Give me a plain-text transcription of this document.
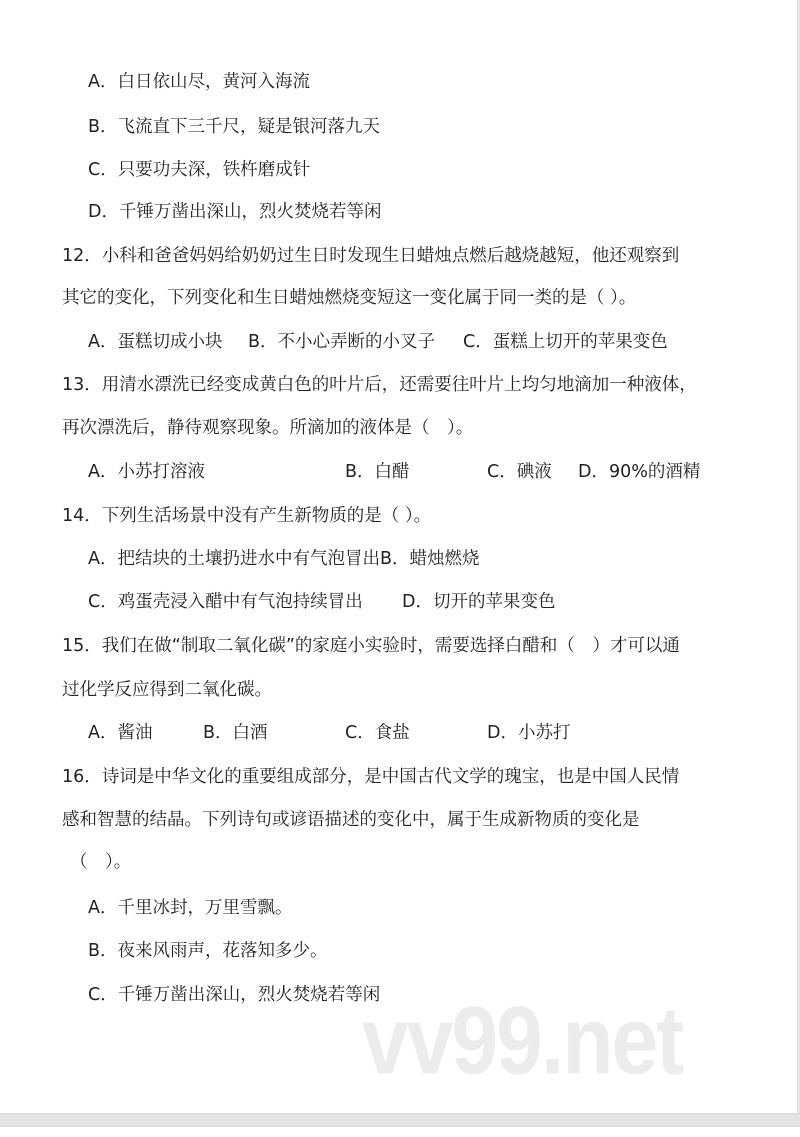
A．白日依山尽，黄河入海流
B．飞流直下三千尺，疑是银河落九天
C．只要功夫深，铁杵磨成针
D．千锤万凿出深山，烈火焚烧若等闲
12．小科和爸爸妈妈给奶奶过生日时发现生日蜡烛点燃后越烧越短，他还观察到
其它的变化，下列变化和生日蜡烛燃烧变短这一变化属于同一类的是（ ）。
A．蛋糕切成小块 B．不小心弄断的小叉子 C．蛋糕上切开的苹果变色
13．用清水漂洗已经变成黄白色的叶片后，还需要往叶片上均匀地滴加一种液体，
再次漂洗后，静待观察现象。所滴加的液体是（　）。
A．小苏打溶液	B．白醋	C．碘液 D．90%的酒精
14．下列生活场景中没有产生新物质的是（ ）。
A．把结块的土壤扔进水中有气泡冒出B．蜡烛燃烧
C．鸡蛋壳浸入醋中有气泡持续冒出 D．切开的苹果变色
15．我们在做“制取二氧化碳”的家庭小实验时，需要选择白醋和（　）才可以通
过化学反应得到二氧化碳。
A．酱油	B．白酒	C．食盐	D．小苏打
16．诗词是中华文化的重要组成部分，是中国古代文学的瑰宝，也是中国人民情
感和智慧的结晶。下列诗句或谚语描述的变化中，属于生成新物质的变化是
（　）。
A．千里冰封，万里雪飘。
B．夜来风雨声，花落知多少。
C．千锤万凿出深山，烈火焚烧若等闲
vv99.net
